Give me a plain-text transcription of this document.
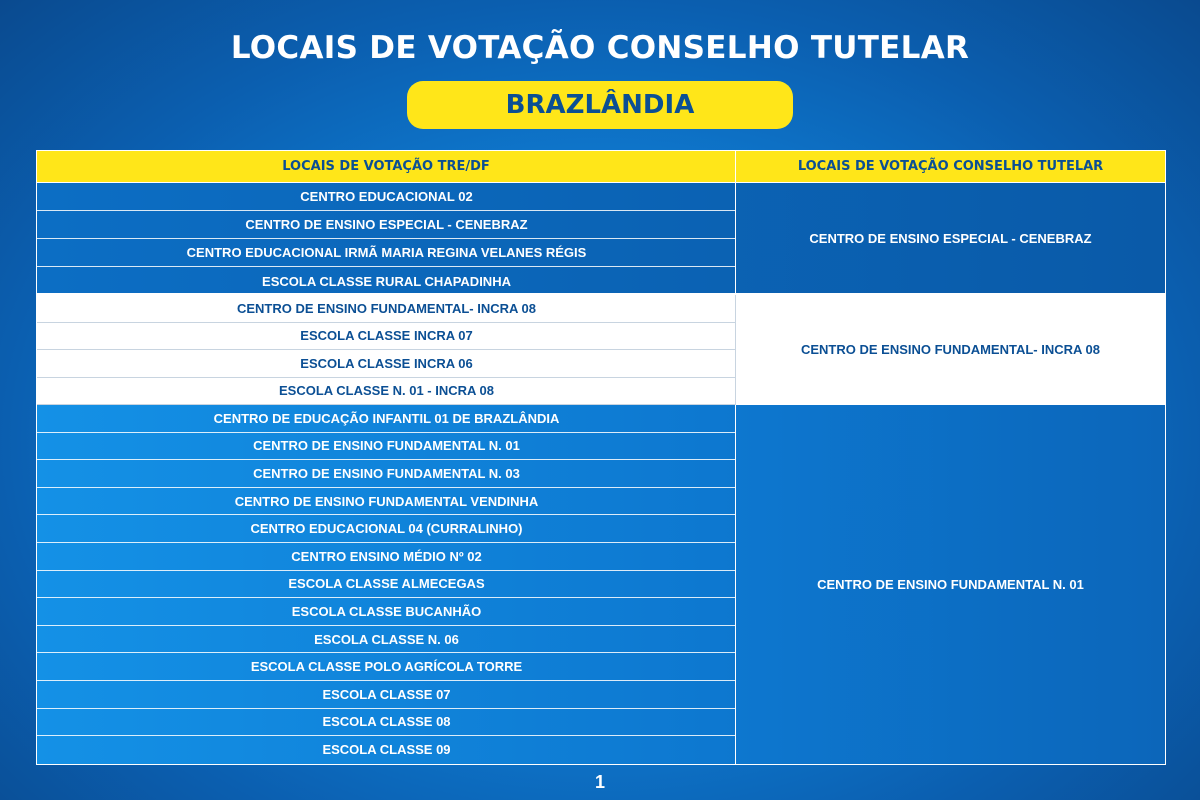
LOCAIS DE VOTAÇÃO CONSELHO TUTELAR
BRAZLÂNDIA
LOCAIS DE VOTAÇÃO TRE/DF	LOCAIS DE VOTAÇÃO CONSELHO TUTELAR
CENTRO EDUCACIONAL 02
CENTRO DE ENSINO ESPECIAL - CENEBRAZ
CENTRO EDUCACIONAL IRMÃ MARIA REGINA VELANES RÉGIS
ESCOLA CLASSE RURAL CHAPADINHA
CENTRO DE ENSINO ESPECIAL - CENEBRAZ
CENTRO DE ENSINO FUNDAMENTAL- INCRA 08
ESCOLA CLASSE INCRA 07
ESCOLA CLASSE INCRA 06
ESCOLA CLASSE N. 01 - INCRA 08
CENTRO DE ENSINO FUNDAMENTAL- INCRA 08
CENTRO DE EDUCAÇÃO INFANTIL 01 DE BRAZLÂNDIA
CENTRO DE ENSINO FUNDAMENTAL N. 01
CENTRO DE ENSINO FUNDAMENTAL N. 03
CENTRO DE ENSINO FUNDAMENTAL VENDINHA
CENTRO EDUCACIONAL 04 (CURRALINHO)
CENTRO ENSINO MÉDIO Nº 02
ESCOLA CLASSE ALMECEGAS
ESCOLA CLASSE BUCANHÃO
ESCOLA CLASSE N. 06
ESCOLA CLASSE POLO AGRÍCOLA TORRE
ESCOLA CLASSE 07
ESCOLA CLASSE 08
ESCOLA CLASSE 09
CENTRO DE ENSINO FUNDAMENTAL N. 01
1
